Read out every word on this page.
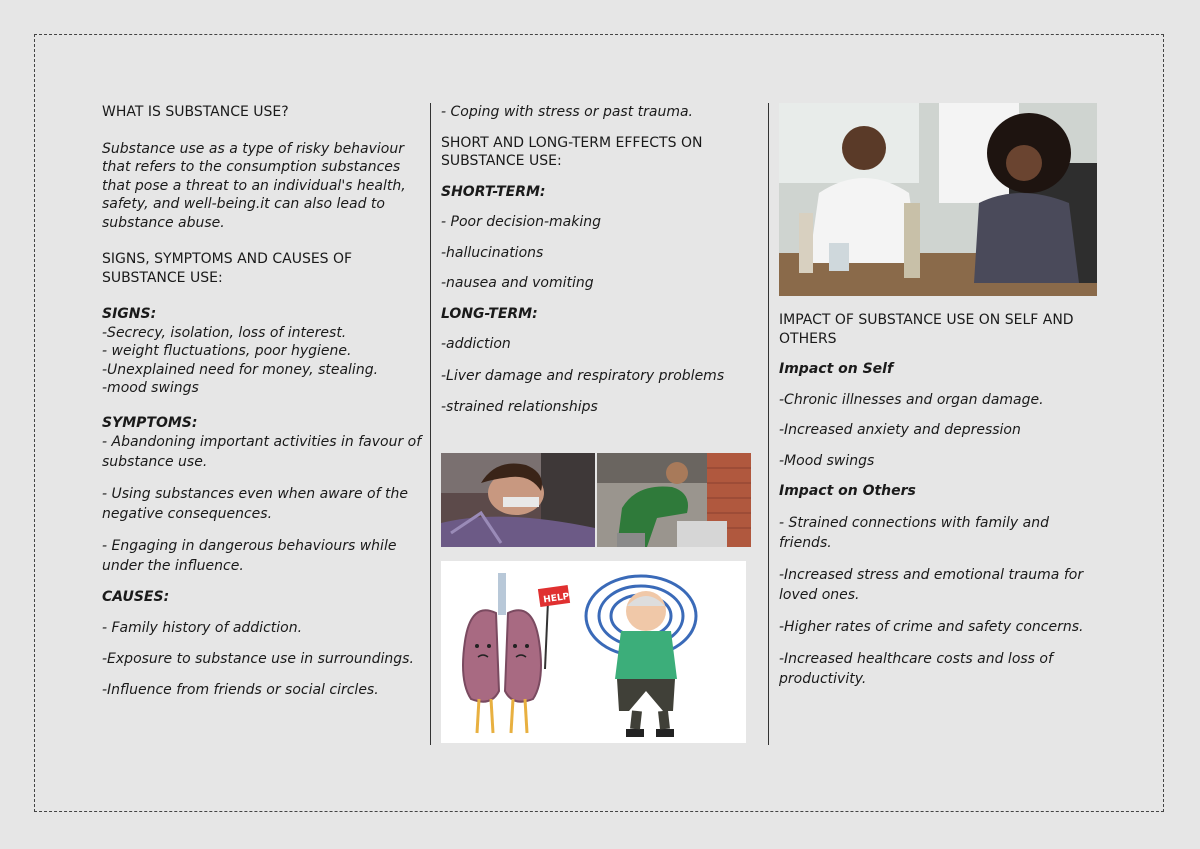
WHAT IS SUBSTANCE USE?

Substance use as a type of risky behaviour that refers to the consumption substances that pose a threat to an individual's health, safety, and well-being.it can also lead to substance abuse.

SIGNS, SYMPTOMS AND CAUSES OF SUBSTANCE USE:

SIGNS:

-Secrecy, isolation, loss of interest.

- weight fluctuations, poor hygiene.

-Unexplained need for money, stealing.

-mood swings

SYMPTOMS:

- Abandoning important activities in favour of substance use.

- Using substances even when aware of the negative consequences.

- Engaging in dangerous behaviours while under the influence.

CAUSES:

- Family history of addiction.

-Exposure to substance use in surroundings.

-Influence from friends or social circles.

- Coping with stress or past trauma.

SHORT AND LONG-TERM EFFECTS ON SUBSTANCE USE:

SHORT-TERM:

- Poor decision-making

-hallucinations

-nausea and vomiting

LONG-TERM:

-addiction

-Liver damage and respiratory problems

-strained relationships

HELP

IMPACT OF SUBSTANCE USE ON SELF AND OTHERS

Impact on Self

-Chronic illnesses and organ damage.

-Increased anxiety and depression

-Mood swings

Impact on Others

- Strained connections with family and friends.

-Increased stress and emotional trauma for loved ones.

-Higher rates of crime and safety concerns.

-Increased healthcare costs and loss of productivity.
